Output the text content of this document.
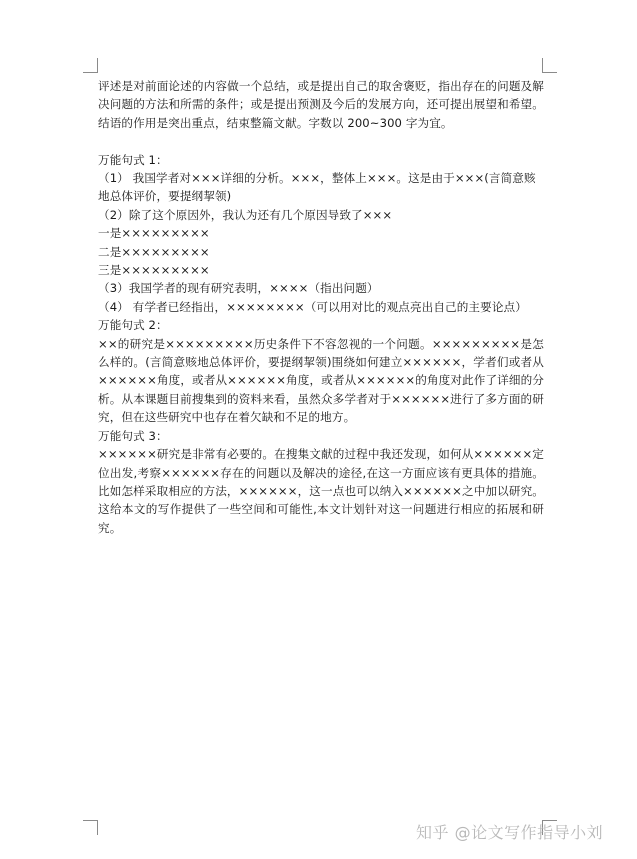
评述是对前面论述的内容做一个总结，或是提出自己的取舍褒贬，指出存在的问题及解决问题的方法和所需的条件；或是提出预测及今后的发展方向，还可提出展望和希望。结语的作用是突出重点，结束整篇文献。字数以 200~300 字为宜。

万能句式 1：

（1） 我国学者对×××详细的分析。×××，整体上×××。这是由于×××(言简意赅地总体评价，要提纲挈领)

（2）除了这个原因外，我认为还有几个原因导致了×××

一是×××××××××

二是×××××××××

三是×××××××××

（3）我国学者的现有研究表明，××××（指出问题）

（4） 有学者已经指出，××××××××（可以用对比的观点亮出自己的主要论点）

万能句式 2：

××的研究是×××××××××历史条件下不容忽视的一个问题。×××××××××是怎么样的。(言简意赅地总体评价，要提纲挈领)围绕如何建立××××××，学者们或者从××××××角度，或者从××××××角度，或者从××××××的角度对此作了详细的分析。从本课题目前搜集到的资料来看，虽然众多学者对于××××××进行了多方面的研究，但在这些研究中也存在着欠缺和不足的地方。

万能句式 3：

××××××研究是非常有必要的。在搜集文献的过程中我还发现，如何从××××××定位出发,考察××××××存在的问题以及解决的途径,在这一方面应该有更具体的措施。比如怎样采取相应的方法，××××××，这一点也可以纳入××××××之中加以研究。这给本文的写作提供了一些空间和可能性,本文计划针对这一问题进行相应的拓展和研究。

知乎 @论文写作指导小刘
